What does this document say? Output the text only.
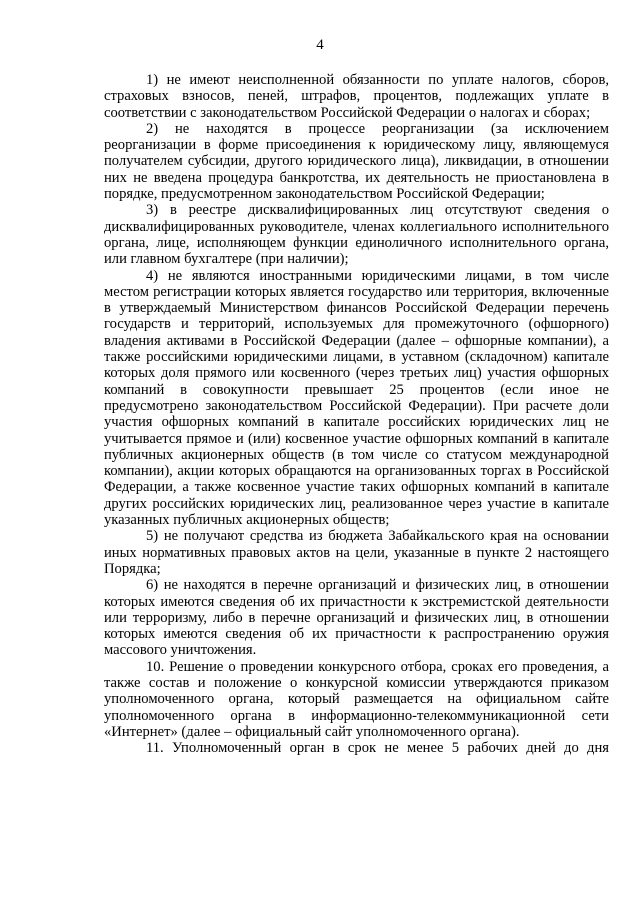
4

1) не имеют неисполненной обязанности по уплате налогов, сборов, страховых взносов, пеней, штрафов, процентов, подлежащих уплате в соответствии с законодательством Российской Федерации о налогах и сборах;

2) не находятся в процессе реорганизации (за исключением реорганизации в форме присоединения к юридическому лицу, являющемуся получателем субсидии, другого юридического лица), ликвидации, в отношении них не введена процедура банкротства, их деятельность не приостановлена в порядке, предусмотренном законодательством Российской Федерации;

3) в реестре дисквалифицированных лиц отсутствуют сведения о дисквалифицированных руководителе, членах коллегиального исполнительного органа, лице, исполняющем функции единоличного исполнительного органа, или главном бухгалтере (при наличии);

4) не являются иностранными юридическими лицами, в том числе местом регистрации которых является государство или территория, включенные в утверждаемый Министерством финансов Российской Федерации перечень государств и территорий, используемых для промежуточного (офшорного) владения активами в Российской Федерации (далее – офшорные компании), а также российскими юридическими лицами, в уставном (складочном) капитале которых доля прямого или косвенного (через третьих лиц) участия офшорных компаний в совокупности превышает 25 процентов (если иное не предусмотрено законодательством Российской Федерации). При расчете доли участия офшорных компаний в капитале российских юридических лиц не учитывается прямое и (или) косвенное участие офшорных компаний в капитале публичных акционерных обществ (в том числе со статусом международной компании), акции которых обращаются на организованных торгах в Российской Федерации, а также косвенное участие таких офшорных компаний в капитале других российских юридических лиц, реализованное через участие в капитале указанных публичных акционерных обществ;

5) не получают средства из бюджета Забайкальского края на основании иных нормативных правовых актов на цели, указанные в пункте 2 настоящего Порядка;

6) не находятся в перечне организаций и физических лиц, в отношении которых имеются сведения об их причастности к экстремистской деятельности или терроризму, либо в перечне организаций и физических лиц, в отношении которых имеются сведения об их причастности к распространению оружия массового уничтожения.

10. Решение о проведении конкурсного отбора, сроках его проведения, а также состав и положение о конкурсной комиссии утверждаются приказом уполномоченного органа, который размещается на официальном сайте уполномоченного органа в информационно-телекоммуникационной сети «Интернет» (далее – официальный сайт уполномоченного органа).

11. Уполномоченный орган в срок не менее 5 рабочих дней до дня
